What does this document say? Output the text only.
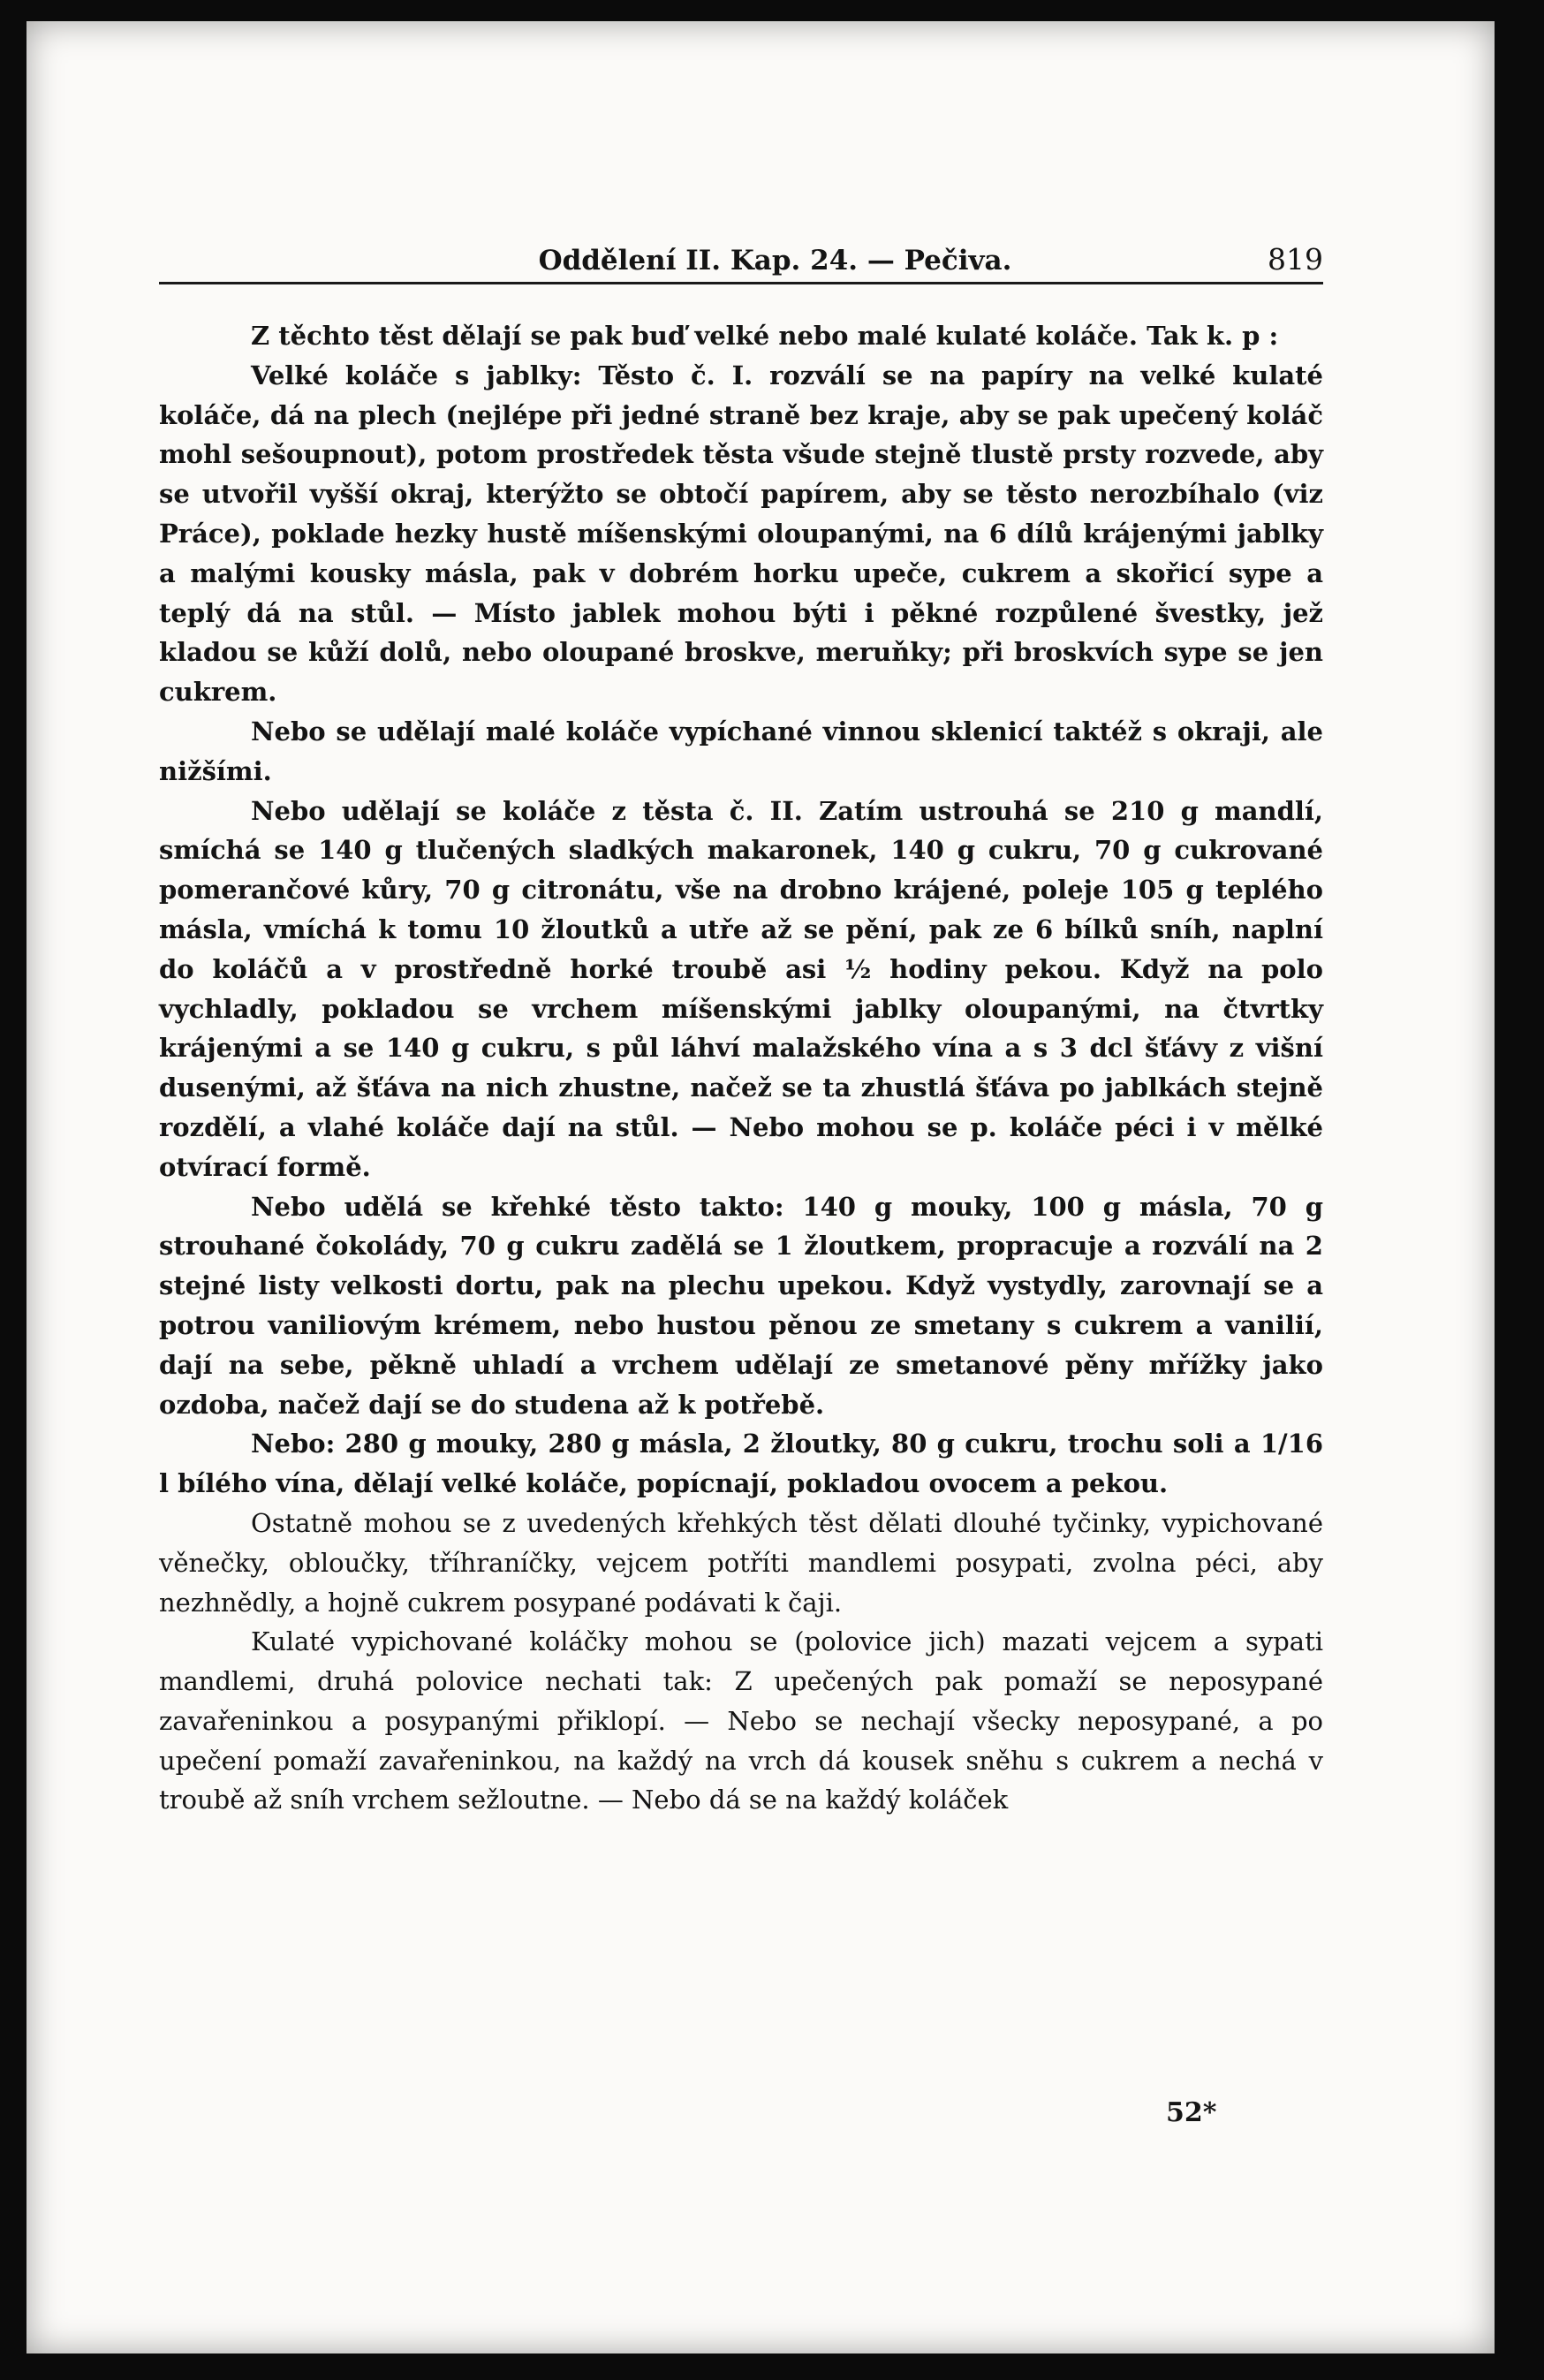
Oddělení II. Kap. 24. — Pečiva.	819

Z těchto těst dělají se pak buď velké nebo malé kulaté koláče. Tak k. p :

Velké koláče s jablky: Těsto č. I. rozválí se na papíry na velké kulaté koláče, dá na plech (nejlépe při jedné straně bez kraje, aby se pak upečený koláč mohl sešoupnout), potom prostředek těsta všude stejně tlustě prsty rozvede, aby se utvořil vyšší okraj, kterýžto se obtočí papírem, aby se těsto nerozbíhalo (viz Práce), poklade hezky hustě míšenskými oloupanými, na 6 dílů krájenými jablky a malými kousky másla, pak v dobrém horku upeče, cukrem a skořicí sype a teplý dá na stůl. — Místo jablek mohou býti i pěkné rozpůlené švestky, jež kladou se kůží dolů, nebo oloupané broskve, meruňky; při broskvích sype se jen cukrem.

Nebo se udělají malé koláče vypíchané vinnou sklenicí taktéž s okraji, ale nižšími.

Nebo udělají se koláče z těsta č. II. Zatím ustrouhá se 210 g mandlí, smíchá se 140 g tlučených sladkých makaronek, 140 g cukru, 70 g cukrované pomerančové kůry, 70 g citronátu, vše na drobno krájené, poleje 105 g teplého másla, vmíchá k tomu 10 žloutků a utře až se pění, pak ze 6 bílků sníh, naplní do koláčů a v prostředně horké troubě asi ½ hodiny pekou. Když na polo vychladly, pokladou se vrchem míšenskými jablky oloupanými, na čtvrtky krájenými a se 140 g cukru, s půl láhví malažského vína a s 3 dcl šťávy z višní dusenými, až šťáva na nich zhustne, načež se ta zhustlá šťáva po jablkách stejně rozdělí, a vlahé koláče dají na stůl. — Nebo mohou se p. koláče péci i v mělké otvírací formě.

Nebo udělá se křehké těsto takto: 140 g mouky, 100 g másla, 70 g strouhané čokolády, 70 g cukru zadělá se 1 žloutkem, propracuje a rozválí na 2 stejné listy velkosti dortu, pak na plechu upekou. Když vystydly, zarovnají se a potrou vaniliovým krémem, nebo hustou pěnou ze smetany s cukrem a vanilií, dají na sebe, pěkně uhladí a vrchem udělají ze smetanové pěny mřížky jako ozdoba, načež dají se do studena až k potřebě.

Nebo: 280 g mouky, 280 g másla, 2 žloutky, 80 g cukru, trochu soli a 1/16 l bílého vína, dělají velké koláče, popícnají, pokladou ovocem a pekou.

Ostatně mohou se z uvedených křehkých těst dělati dlouhé tyčinky, vypichované věnečky, obloučky, tříhraníčky, vejcem potříti mandlemi posypati, zvolna péci, aby nezhnědly, a hojně cukrem posypané podávati k čaji.

Kulaté vypichované koláčky mohou se (polovice jich) mazati vejcem a sypati mandlemi, druhá polovice nechati tak: Z upečených pak pomaží se neposypané zavařeninkou a posypanými přiklopí. — Nebo se nechají všecky neposypané, a po upečení pomaží zavařeninkou, na každý na vrch dá kousek sněhu s cukrem a nechá v troubě až sníh vrchem sežloutne. — Nebo dá se na každý koláček

52*
